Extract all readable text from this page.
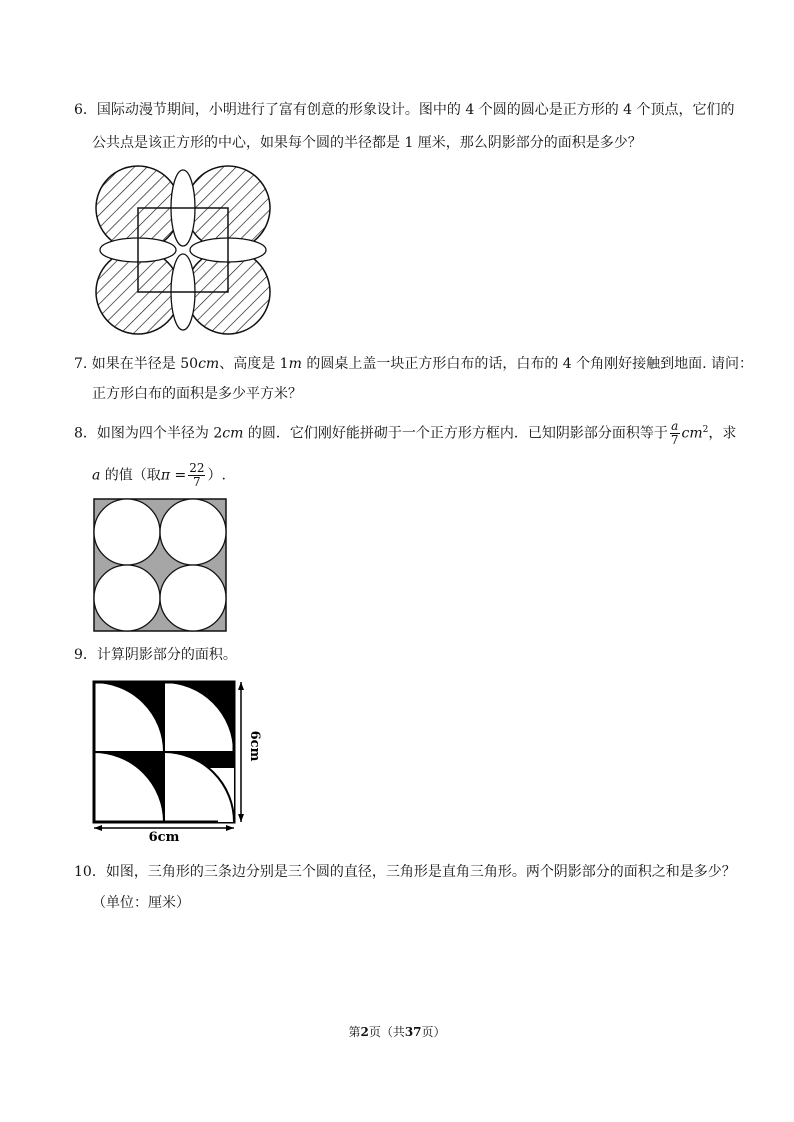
6．国际动漫节期间，小明进行了富有创意的形象设计。图中的 4 个圆的圆心是正方形的 4 个顶点，它们的
公共点是该正方形的中心，如果每个圆的半径都是 1 厘米，那么阴影部分的面积是多少？
7. 如果在半径是 50cm、高度是 1m 的圆桌上盖一块正方形白布的话，白布的 4 个角刚好接触到地面. 请问：
正方形白布的面积是多少平方米？
8．如图为四个半径为 2cm 的圆．它们刚好能拼砌于一个正方形方框内．已知阴影部分面积等于 $\frac{a}{7} cm^2$，求
a 的值（取$\pi = \frac{22}{7}$ ）.
9．计算阴影部分的面积。
6cm
6cm
10．如图，三角形的三条边分别是三个圆的直径，三角形是直角三角形。两个阴影部分的面积之和是多少？
（单位：厘米）
第2页（共37页）
